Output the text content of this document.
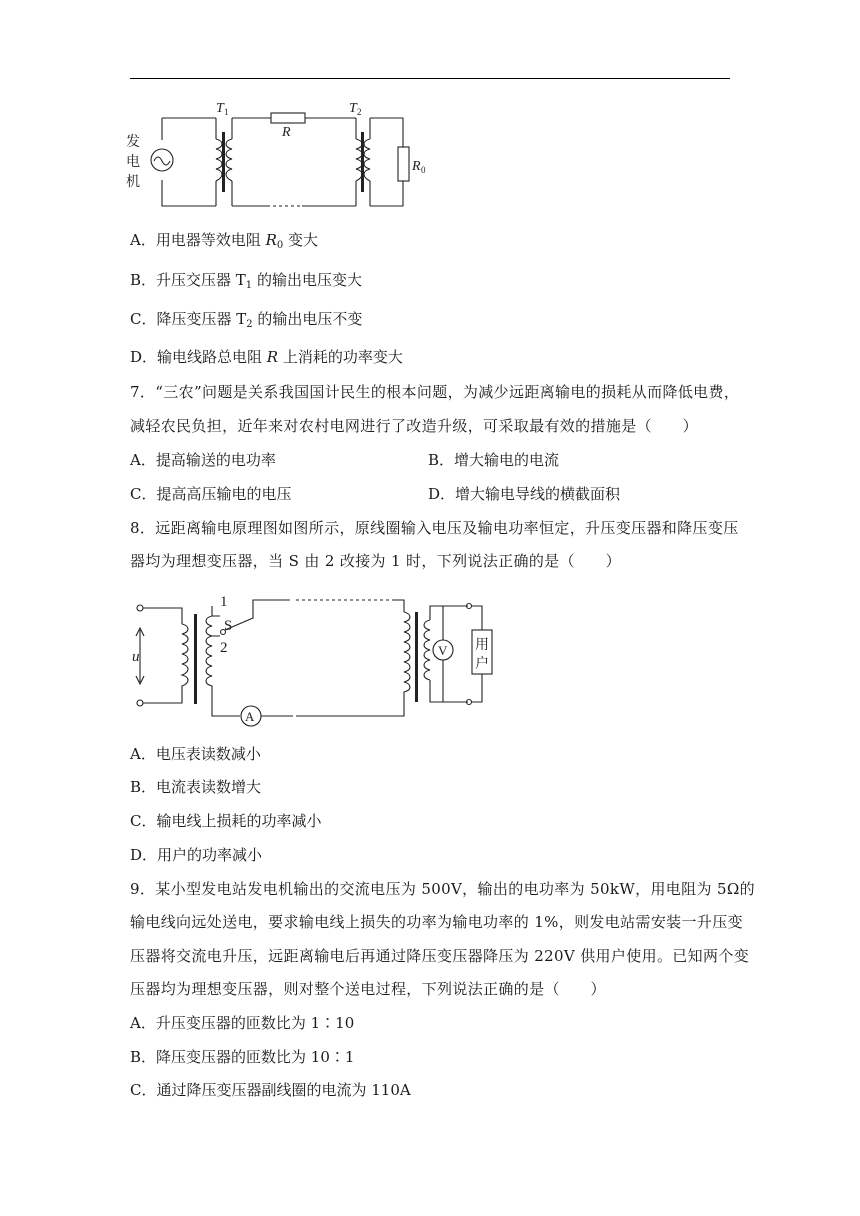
发
电
机
T 1
R
T 2
R 0
A．用电器等效电阻 $R_0$ 变大
B．升压交压器 $T_1$ 的输出电压变大
C．降压变压器 $T_2$ 的输出电压不变
D．输电线路总电阻 R 上消耗的功率变大
7．“三农”问题是关系我国国计民生的根本问题，为减少远距离输电的损耗从而降低电费，
减轻农民负担，近年来对农村电网进行了改造升级，可采取最有效的措施是（　　）
A．提高输送的电功率	B．增大输电的电流
C．提高高压输电的电压	D．增大输电导线的横截面积
8．远距离输电原理图如图所示，原线圈输入电压及输电功率恒定，升压变压器和降压变压
器均为理想变压器，当 S 由 2 改接为 1 时，下列说法正确的是（　　）
u
1
S
2
A
V 用
户
A．电压表读数减小
B．电流表读数增大
C．输电线上损耗的功率减小
D．用户的功率减小
9．某小型发电站发电机输出的交流电压为 500V，输出的电功率为 50kW，用电阻为 5Ω的
输电线向远处送电，要求输电线上损失的功率为输电功率的 1%，则发电站需安装一升压变
压器将交流电升压，远距离输电后再通过降压变压器降压为 220V 供用户使用。已知两个变
压器均为理想变压器，则对整个送电过程，下列说法正确的是（　　）
A．升压变压器的匝数比为 1∶10
B．降压变压器的匝数比为 10∶1
C．通过降压变压器副线圈的电流为 110A
